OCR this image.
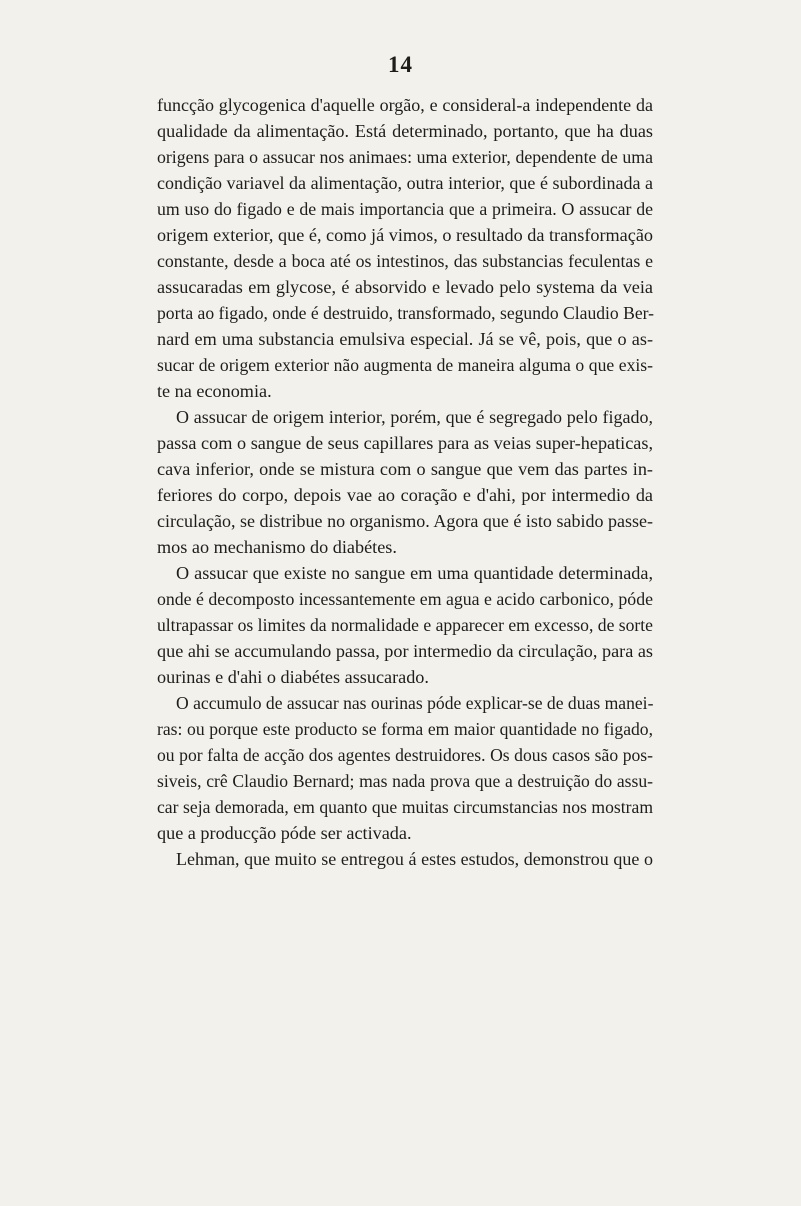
14
funcção glycogenica d'aquelle orgão, e consideral-a independente da
qualidade da alimentação. Está determinado, portanto, que ha duas
origens para o assucar nos animaes: uma exterior, dependente de uma
condição variavel da alimentação, outra interior, que é subordinada a
um uso do figado e de mais importancia que a primeira. O assucar de
origem exterior, que é, como já vimos, o resultado da transformação
constante, desde a boca até os intestinos, das substancias feculentas e
assucaradas em glycose, é absorvido e levado pelo systema da veia
porta ao figado, onde é destruido, transformado, segundo Claudio Ber-
nard em uma substancia emulsiva especial. Já se vê, pois, que o as-
sucar de origem exterior não augmenta de maneira alguma o que exis-
te na economia.
O assucar de origem interior, porém, que é segregado pelo figado,
passa com o sangue de seus capillares para as veias super-hepaticas,
cava inferior, onde se mistura com o sangue que vem das partes in-
feriores do corpo, depois vae ao coração e d'ahi, por intermedio da
circulação, se distribue no organismo. Agora que é isto sabido passe-
mos ao mechanismo do diabétes.
O assucar que existe no sangue em uma quantidade determinada,
onde é decomposto incessantemente em agua e acido carbonico, póde
ultrapassar os limites da normalidade e apparecer em excesso, de sorte
que ahi se accumulando passa, por intermedio da circulação, para as
ourinas e d'ahi o diabétes assucarado.
O accumulo de assucar nas ourinas póde explicar-se de duas manei-
ras: ou porque este producto se forma em maior quantidade no figado,
ou por falta de acção dos agentes destruidores. Os dous casos são pos-
siveis, crê Claudio Bernard; mas nada prova que a destruição do assu-
car seja demorada, em quanto que muitas circumstancias nos mostram
que a producção póde ser activada.
Lehman, que muito se entregou á estes estudos, demonstrou que o
